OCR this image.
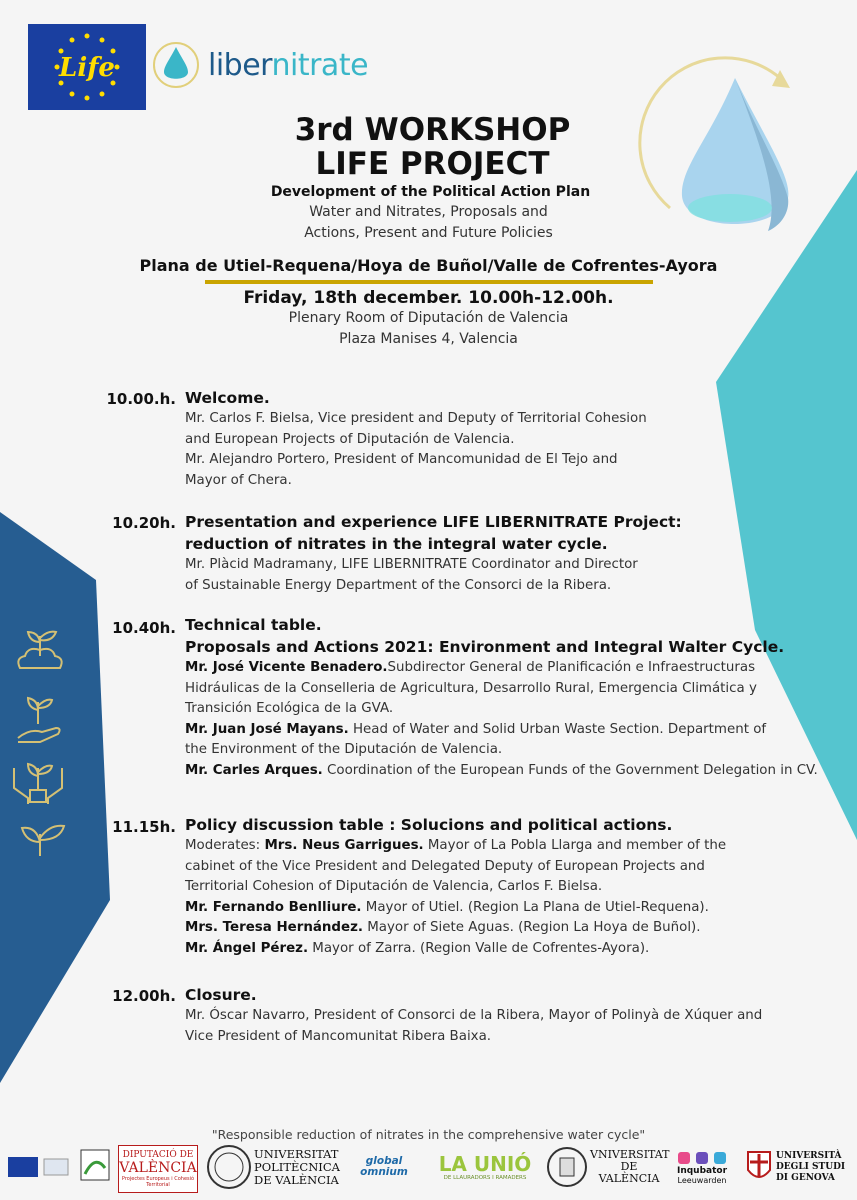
Life	libernitrate
3rd WORKSHOP
LIFE PROJECT
Development of the Political Action Plan
Water and Nitrates, Proposals and
Actions, Present and Future Policies
Plana de Utiel-Requena/Hoya de Buñol/Valle de Cofrentes-Ayora
Friday, 18th december. 10.00h-12.00h.
Plenary Room of Diputación de Valencia
Plaza Manises 4, Valencia
10.00.h. Welcome.
Mr. Carlos F. Bielsa, Vice president and Deputy of Territorial Cohesion
and European Projects of Diputación de Valencia.
Mr. Alejandro Portero, President of Mancomunidad de El Tejo and
Mayor of Chera.
10.20h. Presentation and experience LIFE LIBERNITRATE Project:
reduction of nitrates in the integral water cycle.
Mr. Plàcid Madramany, LIFE LIBERNITRATE Coordinator and Director
of Sustainable Energy Department of the Consorci de la Ribera.
10.40h. Technical table.
Proposals and Actions 2021: Environment and Integral Walter Cycle.
Mr. José Vicente Benadero.Subdirector General de Planificación e Infraestructuras
Hidráulicas de la Conselleria de Agricultura, Desarrollo Rural, Emergencia Climática y
Transición Ecológica de la GVA.
Mr. Juan José Mayans. Head of Water and Solid Urban Waste Section. Department of
the Environment of the Diputación de Valencia.
Mr. Carles Arques. Coordination of the European Funds of the Government Delegation in CV.
11.15h. Policy discussion table : Solucions and political actions.
Moderates: Mrs. Neus Garrigues. Mayor of La Pobla Llarga and member of the
cabinet of the Vice President and Delegated Deputy of European Projects and
Territorial Cohesion of Diputación de Valencia, Carlos F. Bielsa.
Mr. Fernando Benlliure. Mayor of Utiel. (Region La Plana de Utiel-Requena).
Mrs. Teresa Hernández. Mayor of Siete Aguas. (Region La Hoya de Buñol).
Mr. Ángel Pérez. Mayor of Zarra. (Region Valle de Cofrentes-Ayora).
12.00h. Closure.
Mr. Óscar Navarro, President of Consorci de la Ribera, Mayor of Polinyà de Xúquer and
Vice President of Mancomunitat Ribera Baixa.
"Responsible reduction of nitrates in the comprehensive water cycle"
DIPUTACIÓ DE
VALÈNCIA
Projectes Europeus i Cohesió Territorial
UNIVERSITAT
POLITÈCNICA
DE VALÈNCIA
global omnium	LA UNIÓ
DE LLAURADORS I RAMADERS
VNIVERSITAT
DE VALÈNCIA
Inqubator
Leeuwarden
UNIVERSITÀ
DEGLI STUDI
DI GENOVA
